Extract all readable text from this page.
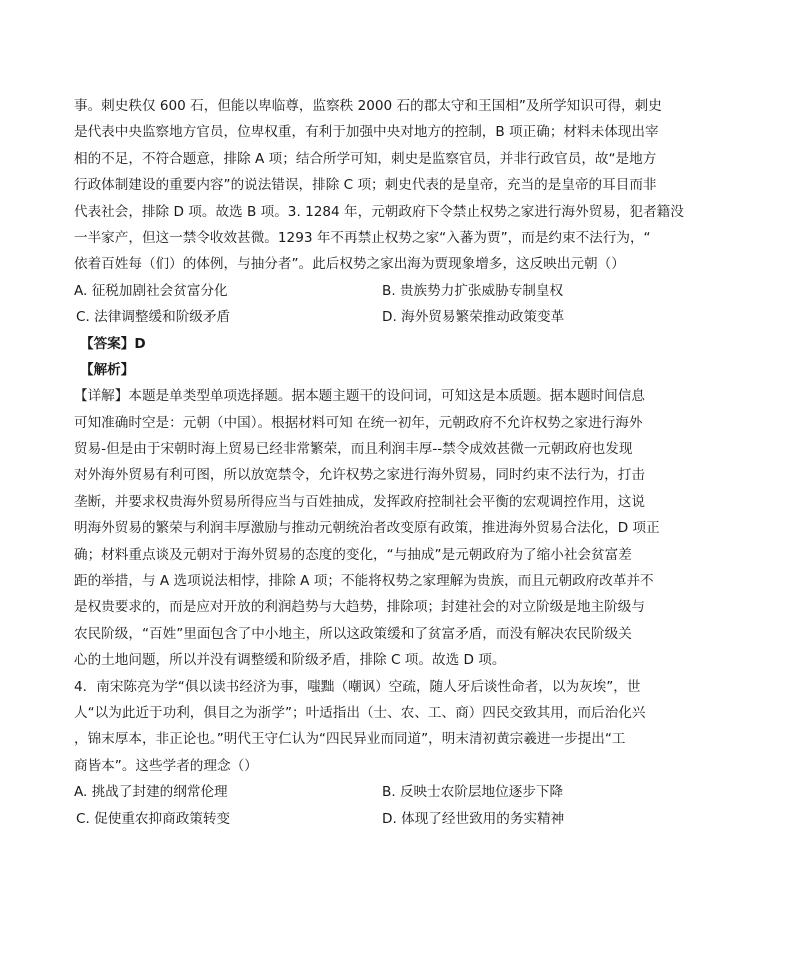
事。刺史秩仅 600 石，但能以卑临尊，监察秩 2000 石的郡太守和王国相”及所学知识可得，刺史
是代表中央监察地方官员，位卑权重，有利于加强中央对地方的控制，B 项正确；材料未体现出宰
相的不足，不符合题意，排除 A 项；结合所学可知，刺史是监察官员，并非行政官员，故“是地方
行政体制建设的重要内容”的说法错误，排除 C 项；刺史代表的是皇帝，充当的是皇帝的耳目而非
代表社会，排除 D 项。故选 B 项。3. 1284 年，元朝政府下令禁止权势之家进行海外贸易，犯者籍没
一半家产，但这一禁令收效甚微。1293 年不再禁止权势之家“入蕃为贾”，而是约束不法行为，“
依着百姓每（们）的体例，与抽分者”。此后权势之家出海为贾现象增多，这反映出元朝（）
A. 征税加剧社会贫富分化	B. 贵族势力扩张威胁专制皇权
C. 法律调整缓和阶级矛盾	D. 海外贸易繁荣推动政策变革
【答案】D
【解析】
【详解】本题是单类型单项选择题。据本题主题干的设问词，可知这是本质题。据本题时间信息
可知准确时空是：元朝（中国）。根据材料可知 在统一初年，元朝政府不允许权势之家进行海外
贸易-但是由于宋朝时海上贸易已经非常繁荣，而且利润丰厚--禁令成效甚微一元朝政府也发现
对外海外贸易有利可图，所以放宽禁令，允许权势之家进行海外贸易，同时约束不法行为，打击
垄断，并要求权贵海外贸易所得应当与百姓抽成，发挥政府控制社会平衡的宏观调控作用，这说
明海外贸易的繁荣与利润丰厚激励与推动元朝统治者改变原有政策，推进海外贸易合法化，D 项正
确；材料重点谈及元朝对于海外贸易的态度的变化，“与抽成”是元朝政府为了缩小社会贫富差
距的举措，与 A 选项说法相悖，排除 A 项；不能将权势之家理解为贵族，而且元朝政府改革并不
是权贵要求的，而是应对开放的利润趋势与大趋势，排除项；封建社会的对立阶级是地主阶级与
农民阶级，“百姓”里面包含了中小地主，所以这政策缓和了贫富矛盾，而没有解决农民阶级关
心的土地问题，所以并没有调整缓和阶级矛盾，排除 C 项。故选 D 项。
4．南宋陈亮为学“俱以读书经济为事，嗤黜（嘲讽）空疏，随人牙后谈性命者，以为灰埃”，世
人“以为此近于功利，俱目之为浙学”；叶适指出（士、农、工、商）四民交致其用，而后治化兴
，锦末厚本，非正论也。”明代王守仁认为“四民异业而同道”，明末清初黄宗羲进一步提出“工
商皆本”。这些学者的理念（）
A. 挑战了封建的纲常伦理	B. 反映士农阶层地位逐步下降
C. 促使重农抑商政策转变	D. 体现了经世致用的务实精神
